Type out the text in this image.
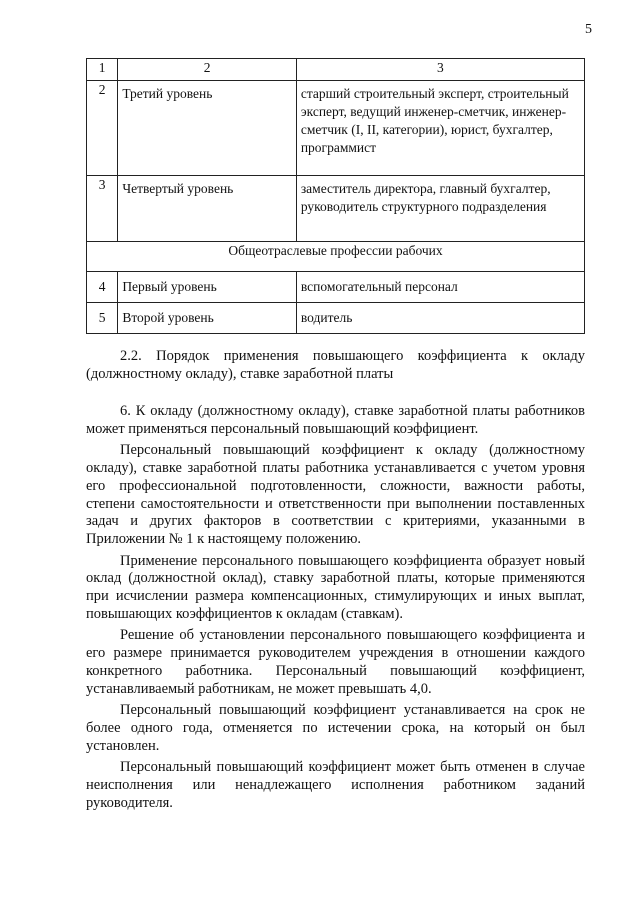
5
1	2	3
2	Третий уровень	старший строительный эксперт, строительный эксперт, ведущий инженер-сметчик, инженер-сметчик (I, II, категории), юрист, бухгалтер, программист
3	Четвертый уровень	заместитель директора, главный бухгалтер, руководитель структурного подразделения
Общеотраслевые профессии рабочих		
4	Первый уровень	вспомогательный персонал
5	Второй уровень	водитель
2.2. Порядок применения повышающего коэффициента к окладу (должностному окладу), ставке заработной платы

6. К окладу (должностному окладу), ставке заработной платы работников может применяться персональный повышающий коэффициент.

Персональный повышающий коэффициент к окладу (должностному окладу), ставке заработной платы работника устанавливается с учетом уровня его профессиональной подготовленности, сложности, важности работы, степени самостоятельности и ответственности при выполнении поставленных задач и других факторов в соответствии с критериями, указанными в Приложении № 1 к настоящему положению.

Применение персонального повышающего коэффициента образует новый оклад (должностной оклад), ставку заработной платы, которые применяются при исчислении размера компенсационных, стимулирующих и иных выплат, повышающих коэффициентов к окладам (ставкам).

Решение об установлении персонального повышающего коэффициента и его размере принимается руководителем учреждения в отношении каждого конкретного работника. Персональный повышающий коэффициент, устанавливаемый работникам, не может превышать 4,0.

Персональный повышающий коэффициент устанавливается на срок не более одного года, отменяется по истечении срока, на который он был установлен.

Персональный повышающий коэффициент может быть отменен в случае неисполнения или ненадлежащего исполнения работником заданий руководителя.
